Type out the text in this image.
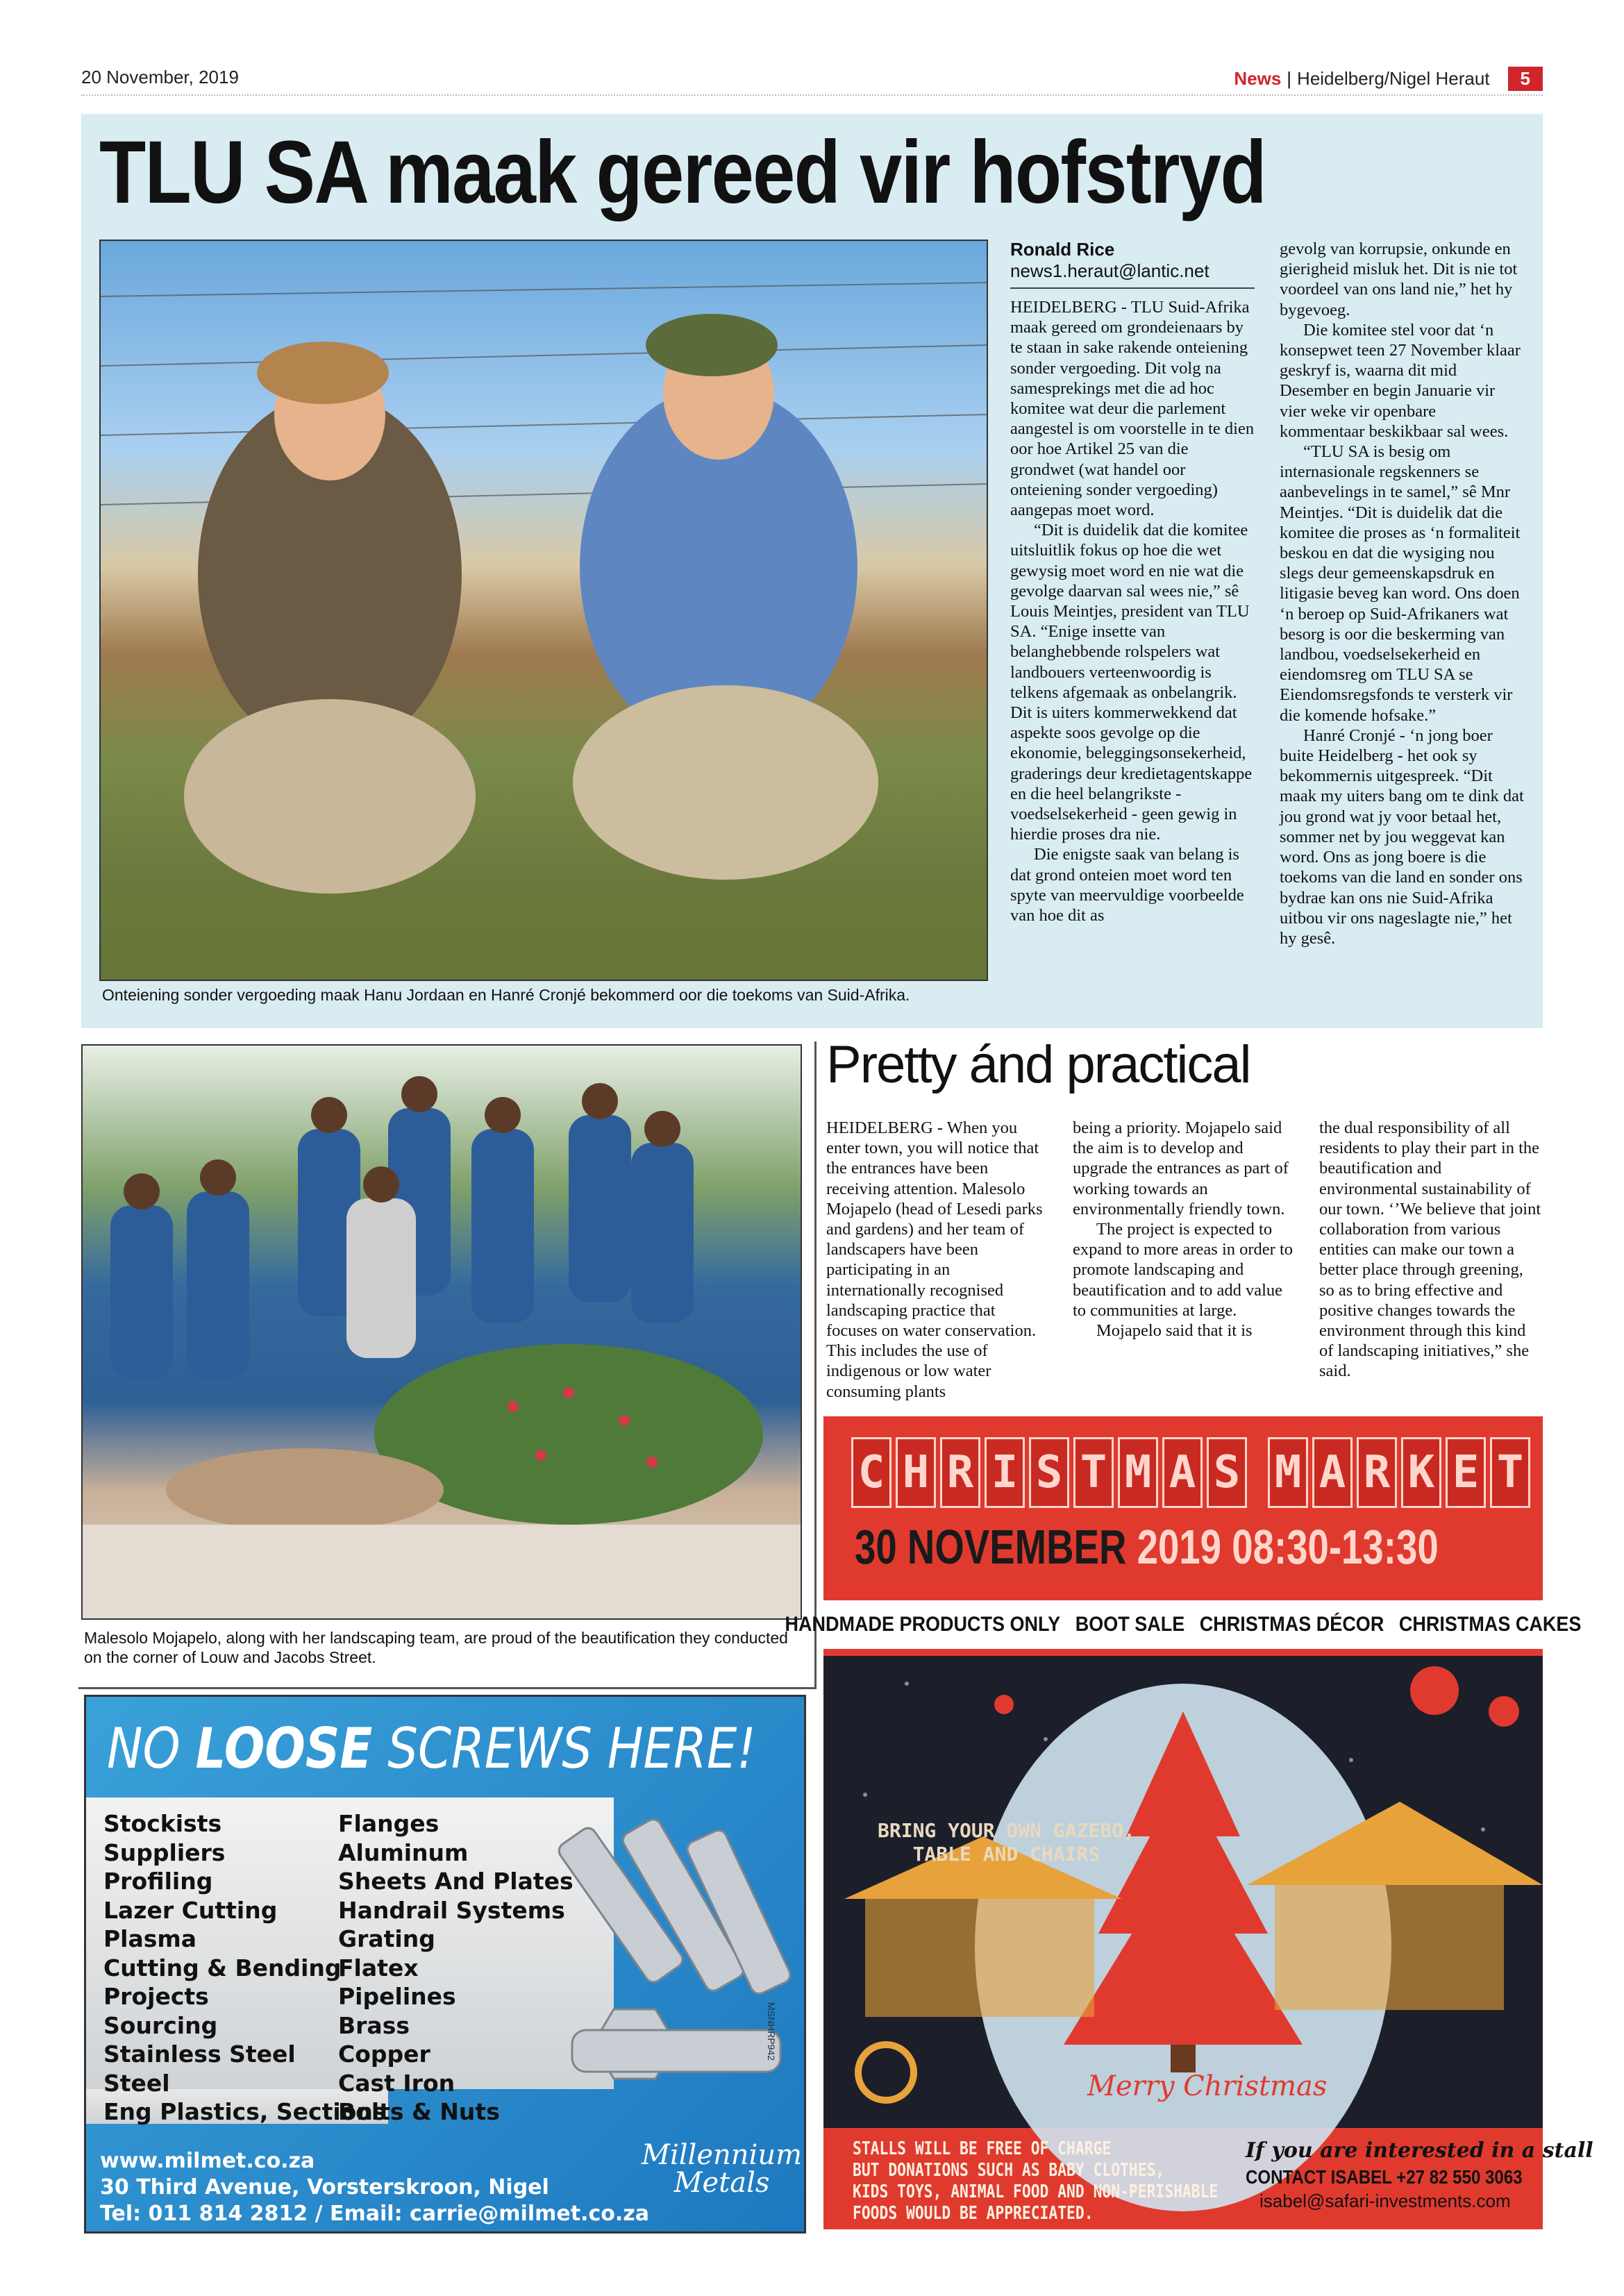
20 November, 2019	News | Heidelberg/Nigel Heraut	5
TLU SA maak gereed vir hofstryd
Onteiening sonder vergoeding maak Hanu Jordaan en Hanré Cronjé bekommerd oor die toekoms van Suid-Afrika.
Ronald Rice
news1.heraut@lantic.net

HEIDELBERG - TLU Suid-Afrika maak gereed om grondeienaars by te staan in sake rakende onteiening sonder vergoeding. Dit volg na samesprekings met die ad hoc komitee wat deur die parlement aangestel is om voorstelle in te dien oor hoe Artikel 25 van die grondwet (wat handel oor onteiening sonder vergoeding) aangepas moet word.

“Dit is duidelik dat die komitee uitsluitlik fokus op hoe die wet gewysig moet word en nie wat die gevolge daarvan sal wees nie,” sê Louis Meintjes, president van TLU SA. “Enige insette van belanghebbende rolspelers wat landbouers verteenwoordig is telkens afgemaak as onbelangrik. Dit is uiters kommerwekkend dat aspekte soos gevolge op die ekonomie, beleggingsonsekerheid, graderings deur kredietagentskappe en die heel belangrikste - voedselsekerheid - geen gewig in hierdie proses dra nie.

Die enigste saak van belang is dat grond onteien moet word ten spyte van meervuldige voorbeelde van hoe dit as

gevolg van korrupsie, onkunde en gierigheid misluk het. Dit is nie tot voordeel van ons land nie,” het hy bygevoeg.

Die komitee stel voor dat ‘n konsepwet teen 27 November klaar geskryf is, waarna dit mid Desember en begin Januarie vir vier weke vir openbare kommentaar beskikbaar sal wees.

“TLU SA is besig om internasionale regskenners se aanbevelings in te samel,” sê Mnr Meintjes. “Dit is duidelik dat die komitee die proses as ‘n formaliteit beskou en dat die wysiging nou slegs deur gemeenskapsdruk en litigasie beveg kan word. Ons doen ‘n beroep op Suid-Afrikaners wat besorg is oor die beskerming van landbou, voedselsekerheid en eiendomsreg om TLU SA se Eiendomsregsfonds te versterk vir die komende hofsake.”

Hanré Cronjé - ‘n jong boer buite Heidelberg - het ook sy bekommernis uitgespreek. “Dit maak my uiters bang om te dink dat jou grond wat jy voor betaal het, sommer net by jou weggevat kan word. Ons as jong boere is die toekoms van die land en sonder ons bydrae kan ons nie Suid-Afrika uitbou vir ons nageslagte nie,” het hy gesê.

Malesolo Mojapelo, along with her landscaping team, are proud of the beautification they conducted on the corner of Louw and Jacobs Street.
Pretty ánd practical

HEIDELBERG - When you enter town, you will notice that the entrances have been receiving attention. Malesolo Mojapelo (head of Lesedi parks and gardens) and her team of landscapers have been participating in an internationally recognised landscaping practice that focuses on water conservation. This includes the use of indigenous or low water consuming plants

being a priority. Mojapelo said the aim is to develop and upgrade the entrances as part of working towards an environmentally friendly town.

The project is expected to expand to more areas in order to promote landscaping and beautification and to add value to communities at large.

Mojapelo said that it is

the dual responsibility of all residents to play their part in the beautification and environmental sustainability of our town. ‘’We believe that joint collaboration from various entities can make our town a better place through greening, so as to bring effective and positive changes towards the environment through this kind of landscaping initiatives,” she said.

NO LOOSE SCREWS HERE!
Stockists
Suppliers
Profiling
Lazer Cutting
Plasma
Cutting & Bending
Projects
Sourcing
Stainless Steel
Steel
Eng Plastics, Sections
Flanges
Aluminum
Sheets And Plates
Handrail Systems
Grating
Flatex
Pipelines
Brass
Copper
Cast Iron
Bolts & Nuts
www.milmet.co.za
30 Third Avenue, Vorsterskroon, Nigel
Tel: 011 814 2812 / Email: carrie@milmet.co.za
Millennium
Metals
MSNHRP942
C H R I S T M A S M A R K E T
30 NOVEMBER 2019 08:30-13:30
HANDMADE PRODUCTS ONLY BOOT SALE CHRISTMAS DÉCOR CHRISTMAS CAKES
BRING YOUR OWN GAZEBO,
TABLE AND CHAIRS
Merry Christmas
STALLS WILL BE FREE OF CHARGE
BUT DONATIONS SUCH AS BABY CLOTHES,
KIDS TOYS, ANIMAL FOOD AND NON-PERISHABLE
FOODS WOULD BE APPRECIATED.
If you are interested in a stall
CONTACT ISABEL +27 82 550 3063
isabel@safari-investments.com
